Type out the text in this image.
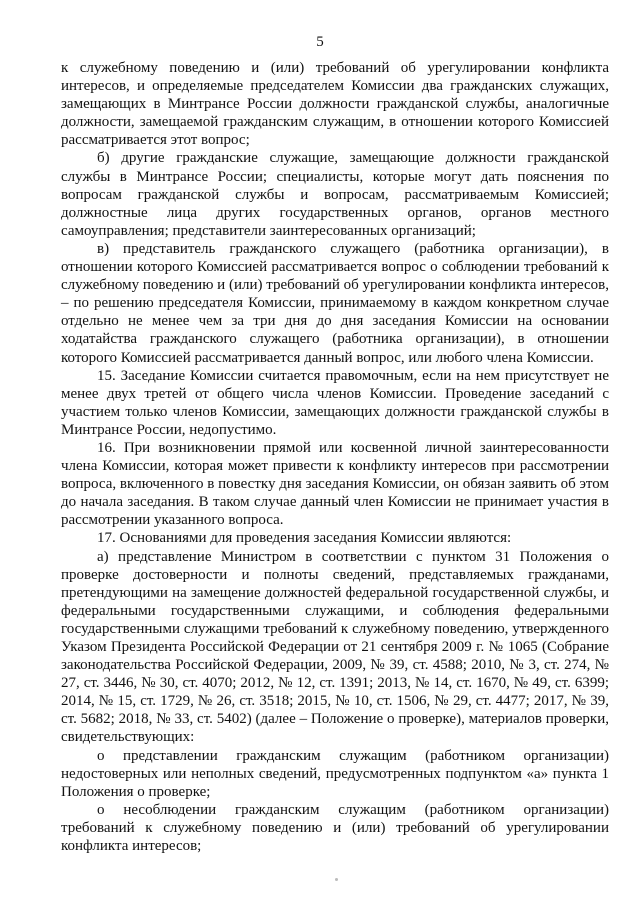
5

к служебному поведению и (или) требований об урегулировании конфликта интересов, и определяемые председателем Комиссии два гражданских служащих, замещающих в Минтрансе России должности гражданской службы, аналогичные должности, замещаемой гражданским служащим, в отношении которого Комиссией рассматривается этот вопрос;

б) другие гражданские служащие, замещающие должности гражданской службы в Минтрансе России; специалисты, которые могут дать пояснения по вопросам гражданской службы и вопросам, рассматриваемым Комиссией; должностные лица других государственных органов, органов местного самоуправления; представители заинтересованных организаций;

в) представитель гражданского служащего (работника организации), в отношении которого Комиссией рассматривается вопрос о соблюдении требований к служебному поведению и (или) требований об урегулировании конфликта интересов, – по решению председателя Комиссии, принимаемому в каждом конкретном случае отдельно не менее чем за три дня до дня заседания Комиссии на основании ходатайства гражданского служащего (работника организации), в отношении которого Комиссией рассматривается данный вопрос, или любого члена Комиссии.

15. Заседание Комиссии считается правомочным, если на нем присутствует не менее двух третей от общего числа членов Комиссии. Проведение заседаний с участием только членов Комиссии, замещающих должности гражданской службы в Минтрансе России, недопустимо.

16. При возникновении прямой или косвенной личной заинтересованности члена Комиссии, которая может привести к конфликту интересов при рассмотрении вопроса, включенного в повестку дня заседания Комиссии, он обязан заявить об этом до начала заседания. В таком случае данный член Комиссии не принимает участия в рассмотрении указанного вопроса.

17. Основаниями для проведения заседания Комиссии являются:

а) представление Министром в соответствии с пунктом 31 Положения о проверке достоверности и полноты сведений, представляемых гражданами, претендующими на замещение должностей федеральной государственной службы, и федеральными государственными служащими, и соблюдения федеральными государственными служащими требований к служебному поведению, утвержденного Указом Президента Российской Федерации от 21 сентября 2009 г. № 1065 (Собрание законодательства Российской Федерации, 2009, № 39, ст. 4588; 2010, № 3, ст. 274, № 27, ст. 3446, № 30, ст. 4070; 2012, № 12, ст. 1391; 2013, № 14, ст. 1670, № 49, ст. 6399; 2014, № 15, ст. 1729, № 26, ст. 3518; 2015, № 10, ст. 1506, № 29, ст. 4477; 2017, № 39, ст. 5682; 2018, № 33, ст. 5402) (далее – Положение о проверке), материалов проверки, свидетельствующих:

о представлении гражданским служащим (работником организации) недостоверных или неполных сведений, предусмотренных подпунктом «а» пункта 1 Положения о проверке;

о несоблюдении гражданским служащим (работником организации) требований к служебному поведению и (или) требований об урегулировании конфликта интересов;
